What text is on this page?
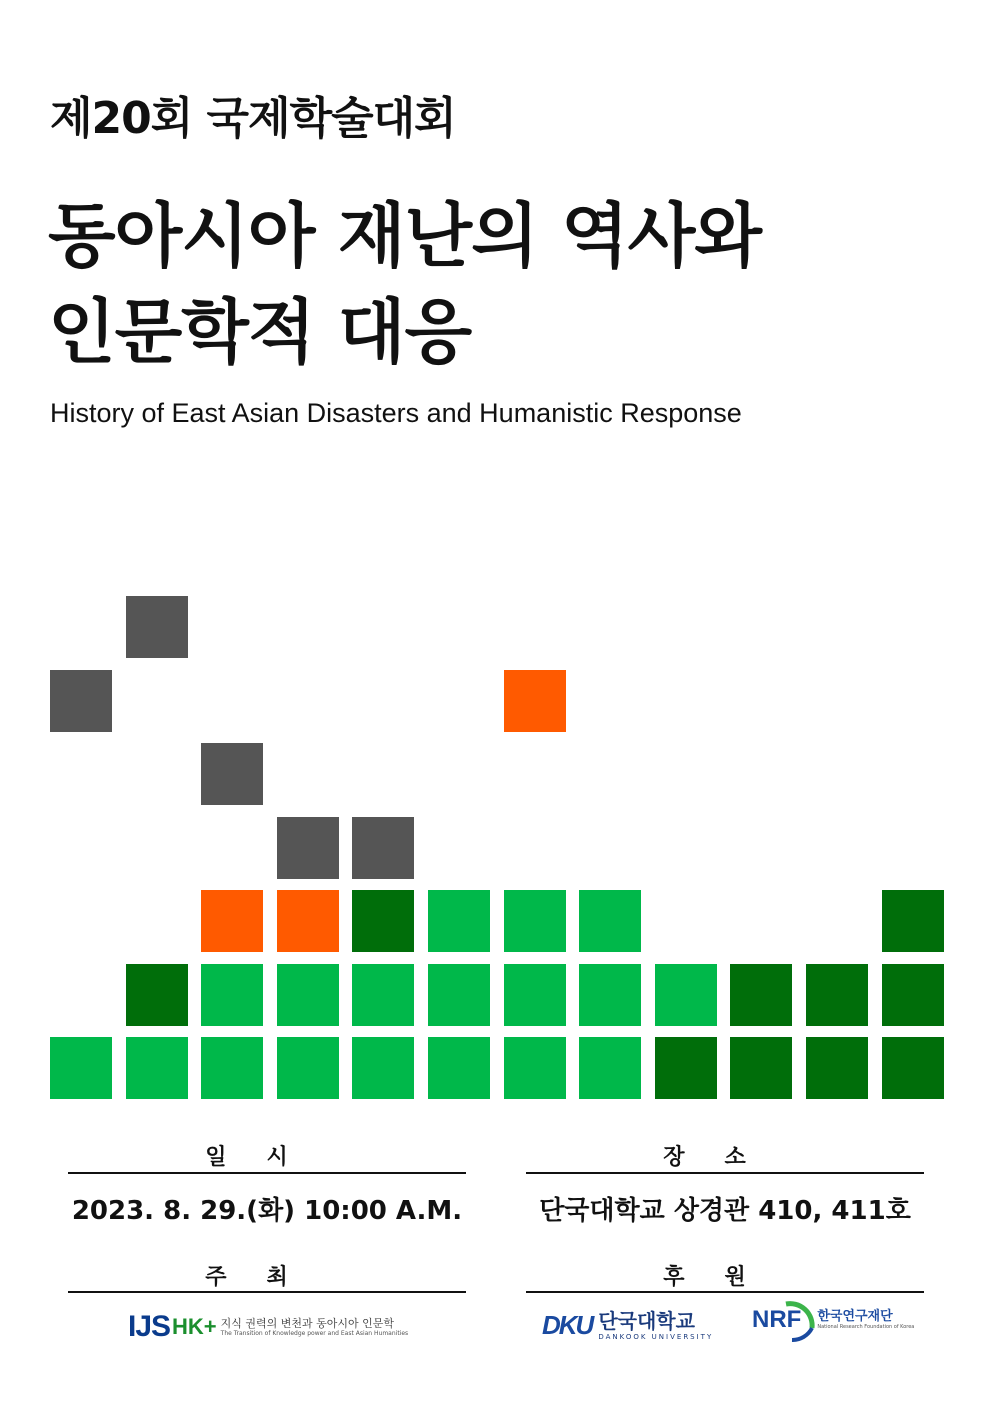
제20회 국제학술대회
동아시아 재난의 역사와
인문학적 대응
History of East Asian Disasters and Humanistic Response
일시
2023. 8. 29.(화) 10:00 A.M.
장소
단국대학교 상경관 410, 411호
주최	후원
IJS HK+ 지식 권력의 변천과 동아시아 인문학
The Transition of Knowledge power and East Asian Humanities	DKU 단국대학교
DANKOOK UNIVERSITY
NRF 한국연구재단
National Research Foundation of Korea
